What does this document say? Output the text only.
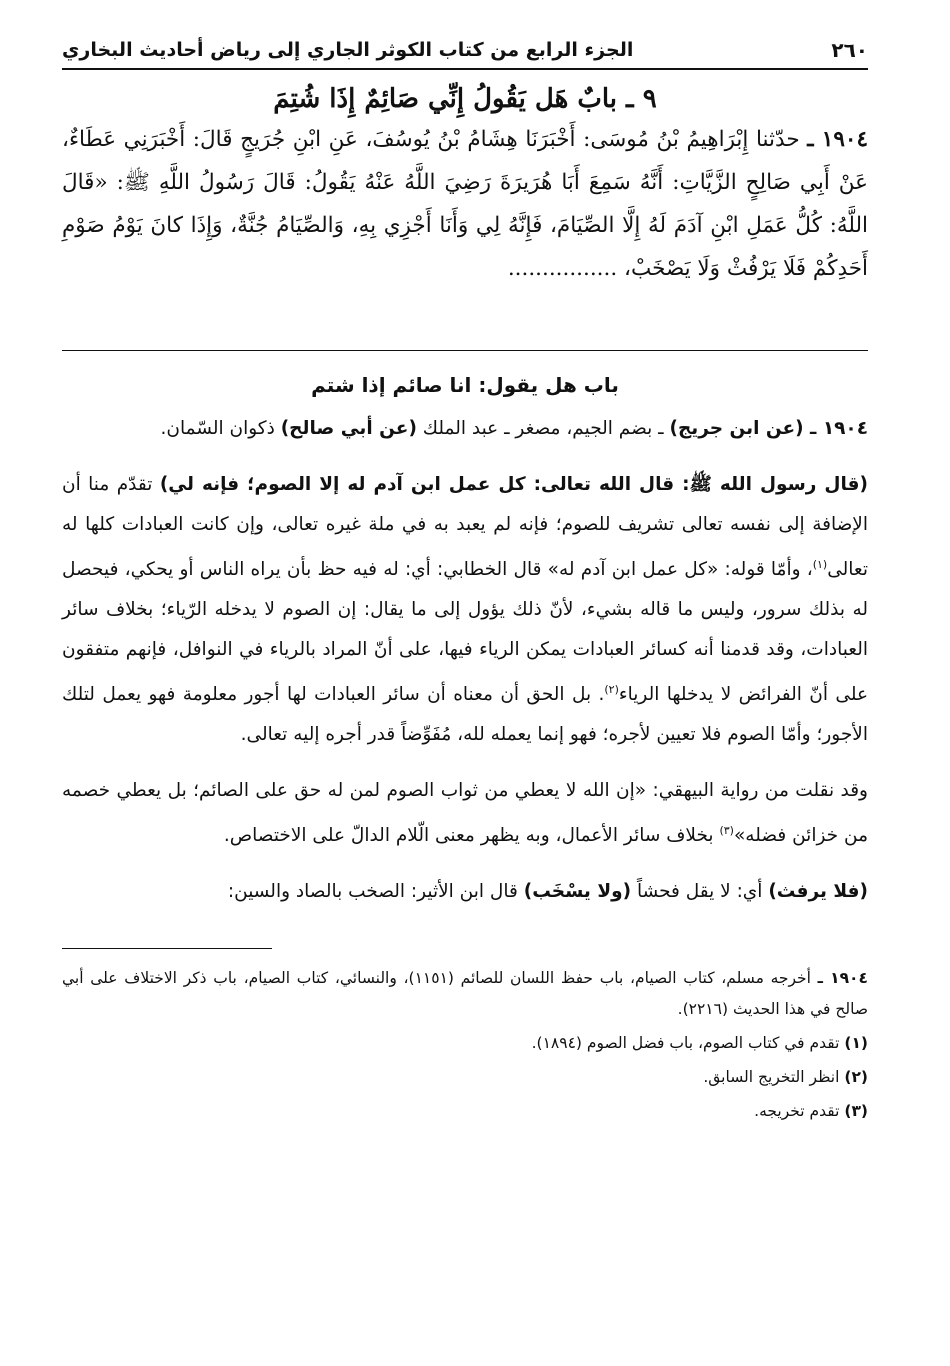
٢٦٠
الجزء الرابع من كتاب الكوثر الجاري إلى رياض أحاديث البخاري
٩ ـ بابٌ هَل يَقُولُ إِنِّي صَائِمٌ إِذَا شُتِمَ

١٩٠٤ ـ حدّثنا إِبْرَاهِيمُ بْنُ مُوسَى: أَخْبَرَنَا هِشَامُ بْنُ يُوسُفَ، عَنِ ابْنِ جُرَيجٍ قَالَ: أَخْبَرَنِي عَطَاءٌ، عَنْ أَبِي صَالِحٍ الزَّيَّاتِ: أَنَّهُ سَمِعَ أَبَا هُرَيرَةَ رَضِيَ اللَّهُ عَنْهُ يَقُولُ: قَالَ رَسُولُ اللَّهِ ﷺ: «قَالَ اللَّهُ: كُلُّ عَمَلِ ابْنِ آدَمَ لَهُ إِلَّا الصِّيَامَ، فَإِنَّهُ لِي وَأَنَا أَجْزِي بِهِ، وَالصِّيَامُ جُنَّةٌ، وَإِذَا كانَ يَوْمُ صَوْمِ أَحَدِكُمْ فَلَا يَرْفُثْ وَلَا يَصْخَبْ، ................

باب هل يقول: انا صائم إذا شتم

١٩٠٤ ـ (عن ابن جريج) ـ بضم الجيم، مصغر ـ عبد الملك (عن أبي صالح) ذكوان السّمان.

(قال رسول الله ﷺ: قال الله تعالى: كل عمل ابن آدم له إلا الصوم؛ فإنه لي) تقدّم منا أن الإضافة إلى نفسه تعالى تشريف للصوم؛ فإنه لم يعبد به في ملة غيره تعالى، وإن كانت العبادات كلها له تعالى$^{(١)}$، وأمّا قوله: «كل عمل ابن آدم له» قال الخطابي: أي: له فيه حظ بأن يراه الناس أو يحكي، فيحصل له بذلك سرور، وليس ما قاله بشيء، لأنّ ذلك يؤول إلى ما يقال: إن الصوم لا يدخله الرّياء؛ بخلاف سائر العبادات، وقد قدمنا أنه كسائر العبادات يمكن الرياء فيها، على أنّ المراد بالرياء في النوافل، فإنهم متفقون على أنّ الفرائض لا يدخلها الرياء$^{(٢)}$. بل الحق أن معناه أن سائر العبادات لها أجور معلومة فهو يعمل لتلك الأجور؛ وأمّا الصوم فلا تعيين لأجره؛ فهو إنما يعمله لله، مُفَوِّضاً قدر أجره إليه تعالى.

وقد نقلت من رواية البيهقي: «إن الله لا يعطي من ثواب الصوم لمن له حق على الصائم؛ بل يعطي خصمه من خزائن فضله»$^{(٣)}$ بخلاف سائر الأعمال، وبه يظهر معنى الّلام الدالّ على الاختصاص.

(فلا يرفث) أي: لا يقل فحشاً (ولا يسْخَب) قال ابن الأثير: الصخب بالصاد والسين:

١٩٠٤ ـ أخرجه مسلم، كتاب الصيام، باب حفظ اللسان للصائم (١١٥١)، والنسائي، كتاب الصيام، باب ذكر الاختلاف على أبي صالح في هذا الحديث (٢٢١٦).

(١) تقدم في كتاب الصوم، باب فضل الصوم (١٨٩٤).

(٢) انظر التخريج السابق.

(٣) تقدم تخريجه.
